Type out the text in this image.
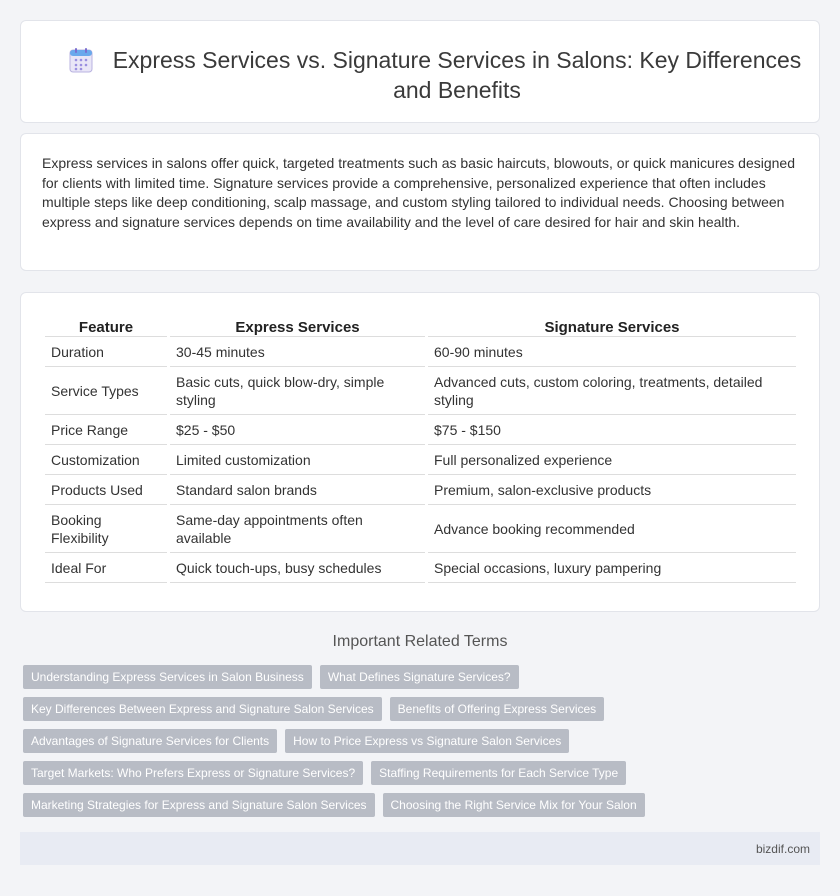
Express Services vs. Signature Services in Salons: Key Differences and Benefits

Express services in salons offer quick, targeted treatments such as basic haircuts, blowouts, or quick manicures designed for clients with limited time. Signature services provide a comprehensive, personalized experience that often includes multiple steps like deep conditioning, scalp massage, and custom styling tailored to individual needs. Choosing between express and signature services depends on time availability and the level of care desired for hair and skin health.

Feature	Express Services	Signature Services
Duration	30-45 minutes	60-90 minutes
Service Types	Basic cuts, quick blow-dry, simple styling	Advanced cuts, custom coloring, treatments, detailed styling
Price Range	$25 - $50	$75 - $150
Customization	Limited customization	Full personalized experience
Products Used	Standard salon brands	Premium, salon-exclusive products
Booking Flexibility	Same-day appointments often available	Advance booking recommended
Ideal For	Quick touch-ups, busy schedules	Special occasions, luxury pampering
Important Related Terms
Understanding Express Services in Salon Business	What Defines Signature Services?
Key Differences Between Express and Signature Salon Services	Benefits of Offering Express Services
Advantages of Signature Services for Clients	How to Price Express vs Signature Salon Services
Target Markets: Who Prefers Express or Signature Services?	Staffing Requirements for Each Service Type
Marketing Strategies for Express and Signature Salon Services	Choosing the Right Service Mix for Your Salon
bizdif.com
